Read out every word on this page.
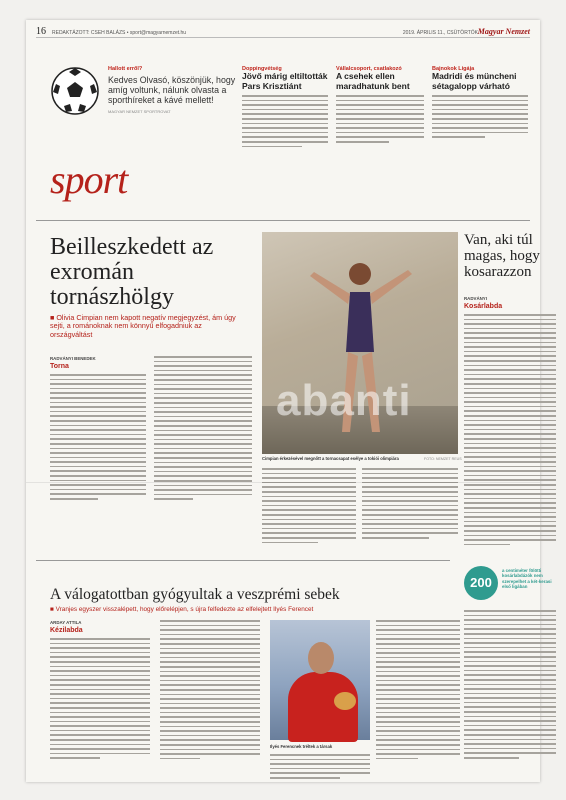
16 REDAKTÁZOTT: CSEH BALÁZS • sport@magyarnemzet.hu	2019. ÁPRILIS 11., CSÜTÖRTÖK Magyar Nemzet
Hallott erről?
Kedves Olvasó, köszönjük, hogy amíg voltunk, nálunk olvasta a sporthíreket a kávé mellett!
MAGYAR NEMZET SPORTROVAT
Doppingvétség
Jövő márig eltiltották Pars Krisztiánt
Vállalcsoport, csatlakozó
A csehek ellen maradhatunk bent
Bajnokok Ligája
Madridi és müncheni sétagalopp várható
sport
Beilleszkedett az exromán tornászhölgy
■ Olivia Cimpian nem kapott negatív megjegyzést, ám úgy sejti, a románoknak nem könnyű elfogadniuk az országváltást
RADVÁNYI BENEDEK
Torna
abanti
Cimpian érkezésével megnőtt a tornacsapat esélye a tokiói olimpiára	FOTO: NEMZET REUS
Van, aki túl magas, hogy kosarazzon
RADVÁNYI
Kosárlabda
200
a centiméter fölötti kosárlabdázók nem szerepelhet a két-kerasi első ligában
A válogatottban gyógyultak a veszprémi sebek
■ Vranjes egyszer visszalépett, hogy előrelépjen, s újra felfedezte az elfelejtett Ilyés Ferencet
ARDAY ATTILA
Kézilabda
Ilyés Ferencnek tréltek a társak
